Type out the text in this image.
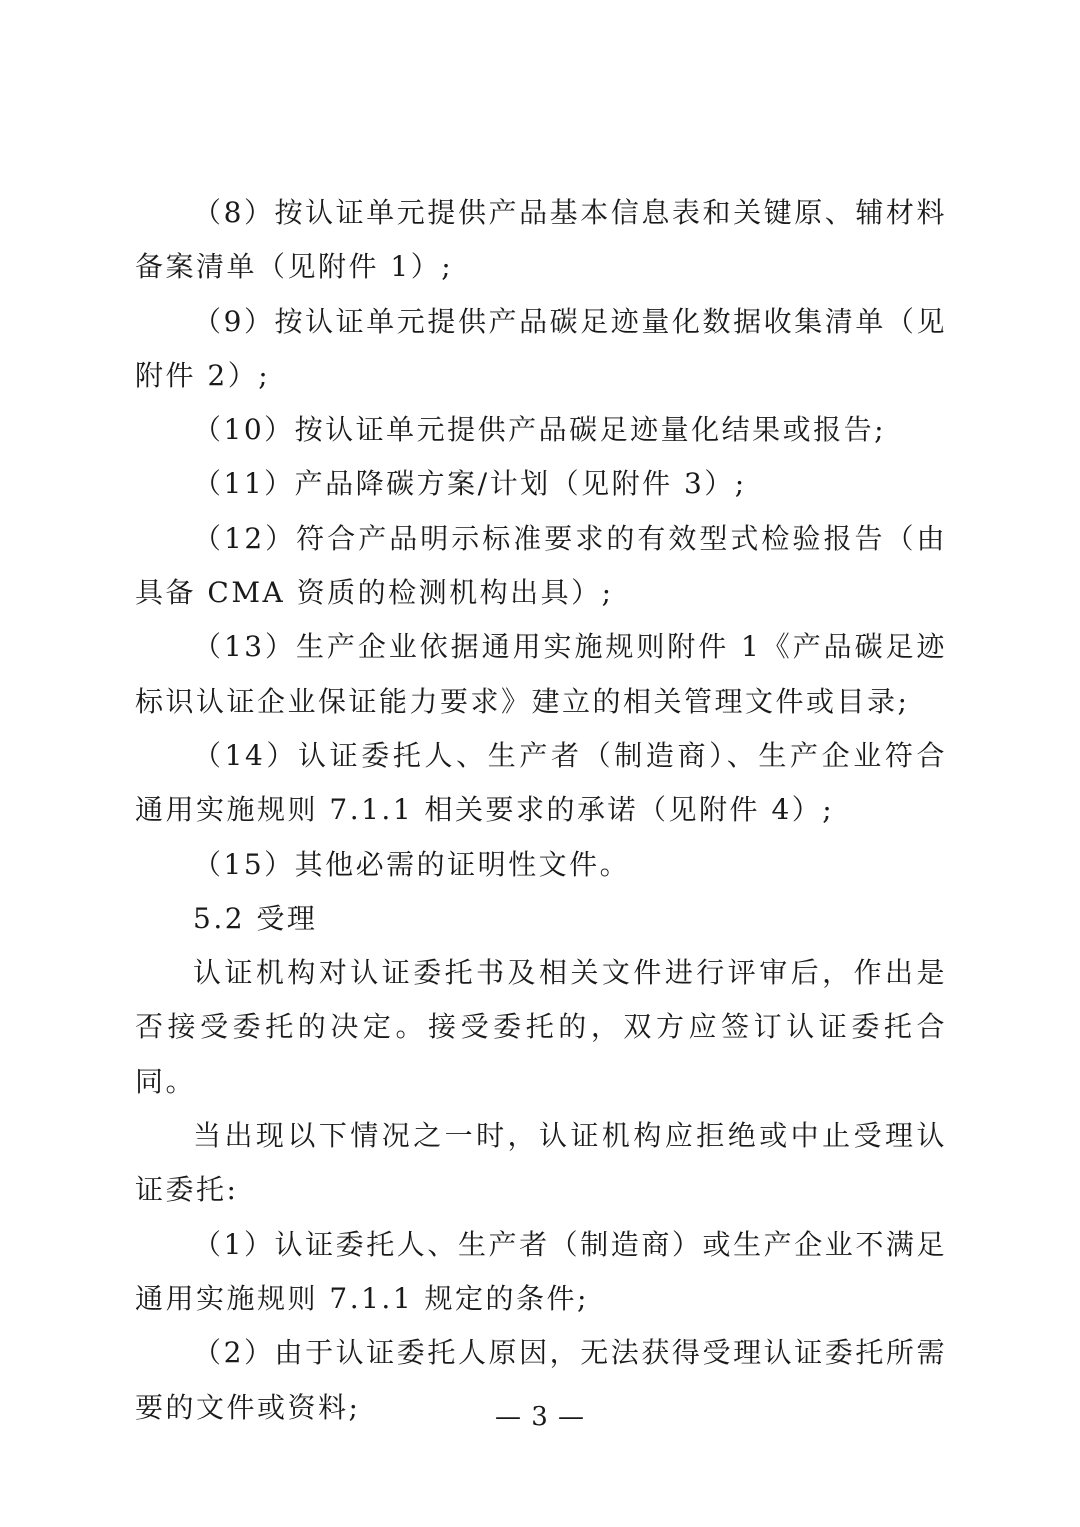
（8）按认证单元提供产品基本信息表和关键原、辅材料备案清单（见附件 1）;

（9）按认证单元提供产品碳足迹量化数据收集清单（见附件 2）;

（10）按认证单元提供产品碳足迹量化结果或报告;

（11）产品降碳方案/计划（见附件 3）;

（12）符合产品明示标准要求的有效型式检验报告（由具备 CMA 资质的检测机构出具）;

（13）生产企业依据通用实施规则附件 1《产品碳足迹标识认证企业保证能力要求》建立的相关管理文件或目录;

（14）认证委托人、生产者（制造商）、生产企业符合通用实施规则 7.1.1 相关要求的承诺（见附件 4）;

（15）其他必需的证明性文件。

5.2 受理

认证机构对认证委托书及相关文件进行评审后，作出是否接受委托的决定。接受委托的，双方应签订认证委托合同。

当出现以下情况之一时，认证机构应拒绝或中止受理认证委托:

（1）认证委托人、生产者（制造商）或生产企业不满足通用实施规则 7.1.1 规定的条件;

（2）由于认证委托人原因，无法获得受理认证委托所需要的文件或资料;	— 3 —
